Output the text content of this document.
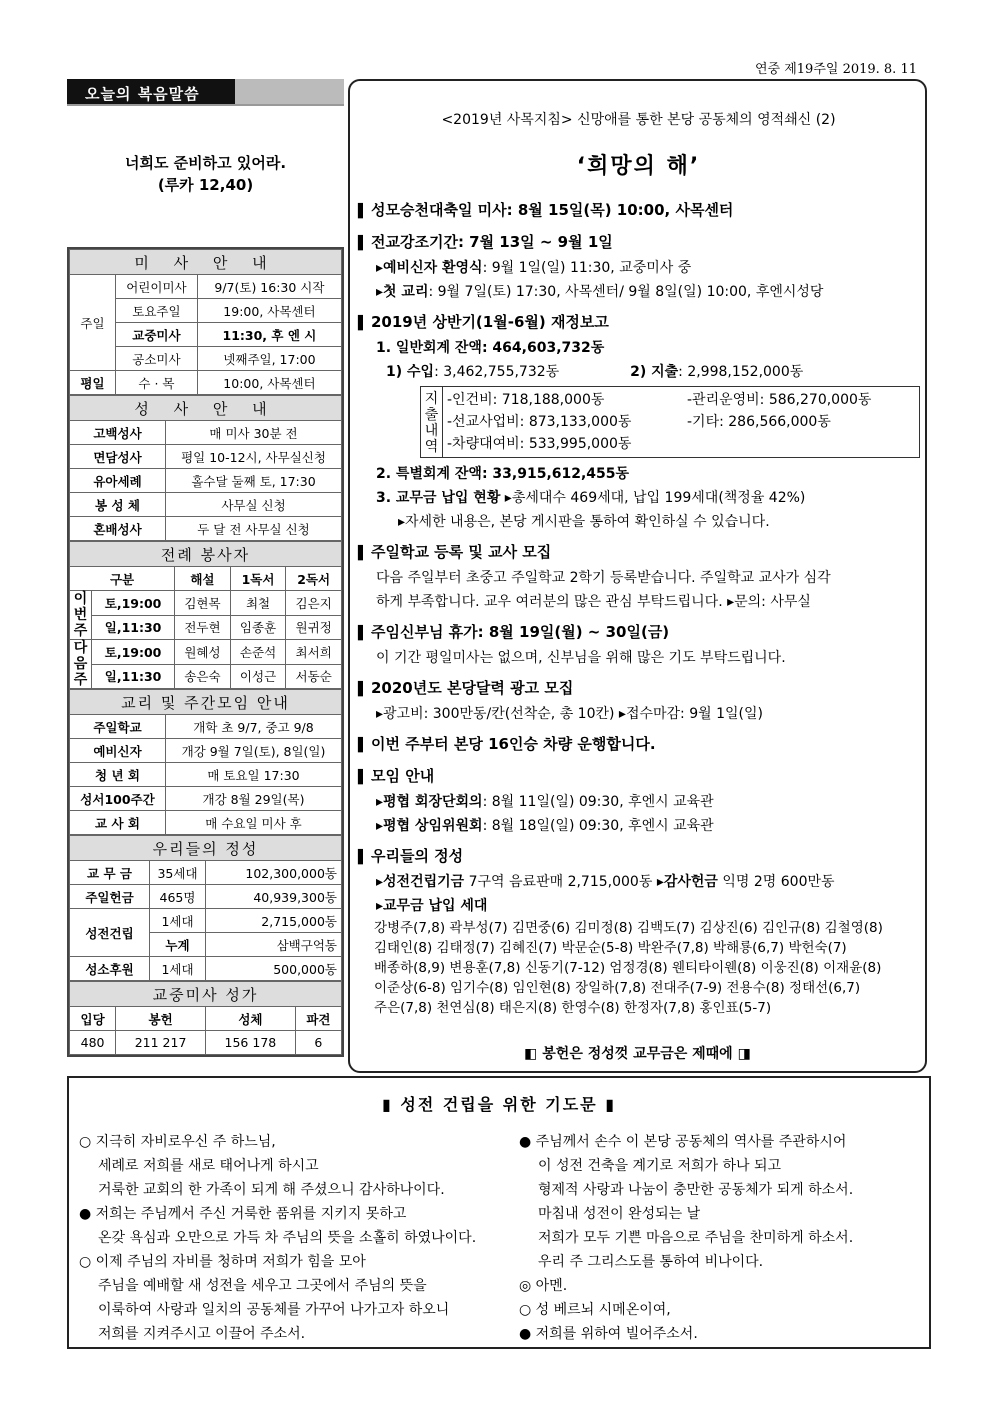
연중 제19주일 2019. 8. 11
오늘의 복음말씀
너희도 준비하고 있어라.
(루카 12,40)
미 사 안 내		
주일	어린이미사	9/7(토) 16:30 시작
	토요주일	19:00, 사목센터
	교중미사	11:30, 후 엔 시
	공소미사	넷째주일, 17:00
평일	수 · 목	10:00, 사목센터
성 사 안 내	
고백성사	매 미사 30분 전
면담성사	평일 10-12시, 사무실신청
유아세례	홀수달 둘째 토, 17:30
봉 성 체	사무실 신청
혼배성사	두 달 전 사무실 신청
전례 봉사자				
구분		해설	1독서	2독서
이번주	토,19:00	김현목	최철	김은지
	일,11:30	전두현	임종훈	원귀정
다음주	토,19:00	원혜성	손준석	최서희
	일,11:30	송은숙	이성근	서동순
교리 및 주간모임 안내	
주일학교	개학 초 9/7, 중고 9/8
예비신자	개강 9월 7일(토), 8일(일)
청 년 회	매 토요일 17:30
성서100주간	개강 8월 29일(목)
교 사 회	매 수요일 미사 후
우리들의 정성		
교 무 금	35세대	102,300,000동
주일헌금	465명	40,939,300동
성전건립	1세대	2,715,000동
	누계	삼백구억동
성소후원	1세대	500,000동
교중미사 성가			
입당	봉헌	성체	파견
480	211 217	156 178	6
<2019년 사목지침> 신망애를 통한 본당 공동체의 영적쇄신 (2)
‘희망의 해’
▌ 성모승천대축일 미사: 8월 15일(목) 10:00, 사목센터
▌ 전교강조기간: 7월 13일 ~ 9월 1일
▸예비신자 환영식: 9월 1일(일) 11:30, 교중미사 중
▸첫 교리: 9월 7일(토) 17:30, 사목센터/ 9월 8일(일) 10:00, 후엔시성당
▌ 2019년 상반기(1월-6월) 재정보고
1. 일반회계 잔액: 464,603,732동
1) 수입: 3,462,755,732동	2) 지출: 2,998,152,000동
지출내역
-인건비: 718,188,000동	-관리운영비: 586,270,000동
-선교사업비: 873,133,000동	-기타: 286,566,000동
-차량대여비: 533,995,000동
2. 특별회계 잔액: 33,915,612,455동
3. 교무금 납입 현황 ▸총세대수 469세대, 납입 199세대(책정율 42%)
▸자세한 내용은, 본당 게시판을 통하여 확인하실 수 있습니다.
▌ 주일학교 등록 및 교사 모집
다음 주일부터 초중고 주일학교 2학기 등록받습니다. 주일학교 교사가 심각
하게 부족합니다. 교우 여러분의 많은 관심 부탁드립니다. ▸문의: 사무실
▌ 주임신부님 휴가: 8월 19일(월) ~ 30일(금)
이 기간 평일미사는 없으며, 신부님을 위해 많은 기도 부탁드립니다.
▌ 2020년도 본당달력 광고 모집
▸광고비: 300만동/칸(선착순, 총 10칸) ▸접수마감: 9월 1일(일)
▌ 이번 주부터 본당 16인승 차량 운행합니다.
▌ 모임 안내
▸평협 회장단회의: 8월 11일(일) 09:30, 후엔시 교육관
▸평협 상임위원회: 8월 18일(일) 09:30, 후엔시 교육관
▌ 우리들의 정성
▸성전건립기금 7구역 음료판매 2,715,000동 ▸감사헌금 익명 2명 600만동
▸교무금 납입 세대
강병주(7,8) 곽부성(7) 김면중(6) 김미정(8) 김백도(7) 김상진(6) 김인규(8) 김철영(8)
김태인(8) 김태정(7) 김혜진(7) 박문순(5-8) 박완주(7,8) 박해룡(6,7) 박헌숙(7)
배종하(8,9) 변용훈(7,8) 신동기(7-12) 엄정경(8) 웬티타이웬(8) 이웅진(8) 이재윤(8)
이준상(6-8) 임기수(8) 임인현(8) 장일하(7,8) 전대주(7-9) 전용수(8) 정태선(6,7)
주은(7,8) 천연심(8) 태은지(8) 한영수(8) 한정자(7,8) 홍인표(5-7)
◧ 봉헌은 정성껏 교무금은 제때에 ◨
▮ 성전 건립을 위한 기도문 ▮
○ 지극히 자비로우신 주 하느님,
세례로 저희를 새로 태어나게 하시고
거룩한 교회의 한 가족이 되게 해 주셨으니 감사하나이다.
● 저희는 주님께서 주신 거룩한 품위를 지키지 못하고
온갖 욕심과 오만으로 가득 차 주님의 뜻을 소홀히 하였나이다.
○ 이제 주님의 자비를 청하며 저희가 힘을 모아
주님을 예배할 새 성전을 세우고 그곳에서 주님의 뜻을
이룩하여 사랑과 일치의 공동체를 가꾸어 나가고자 하오니
저희를 지켜주시고 이끌어 주소서.
● 주님께서 손수 이 본당 공동체의 역사를 주관하시어
이 성전 건축을 계기로 저희가 하나 되고
형제적 사랑과 나눔이 충만한 공동체가 되게 하소서.
마침내 성전이 완성되는 날
저희가 모두 기쁜 마음으로 주님을 찬미하게 하소서.
우리 주 그리스도를 통하여 비나이다.
◎ 아멘.
○ 성 베르뇌 시메온이여,
● 저희를 위하여 빌어주소서.
